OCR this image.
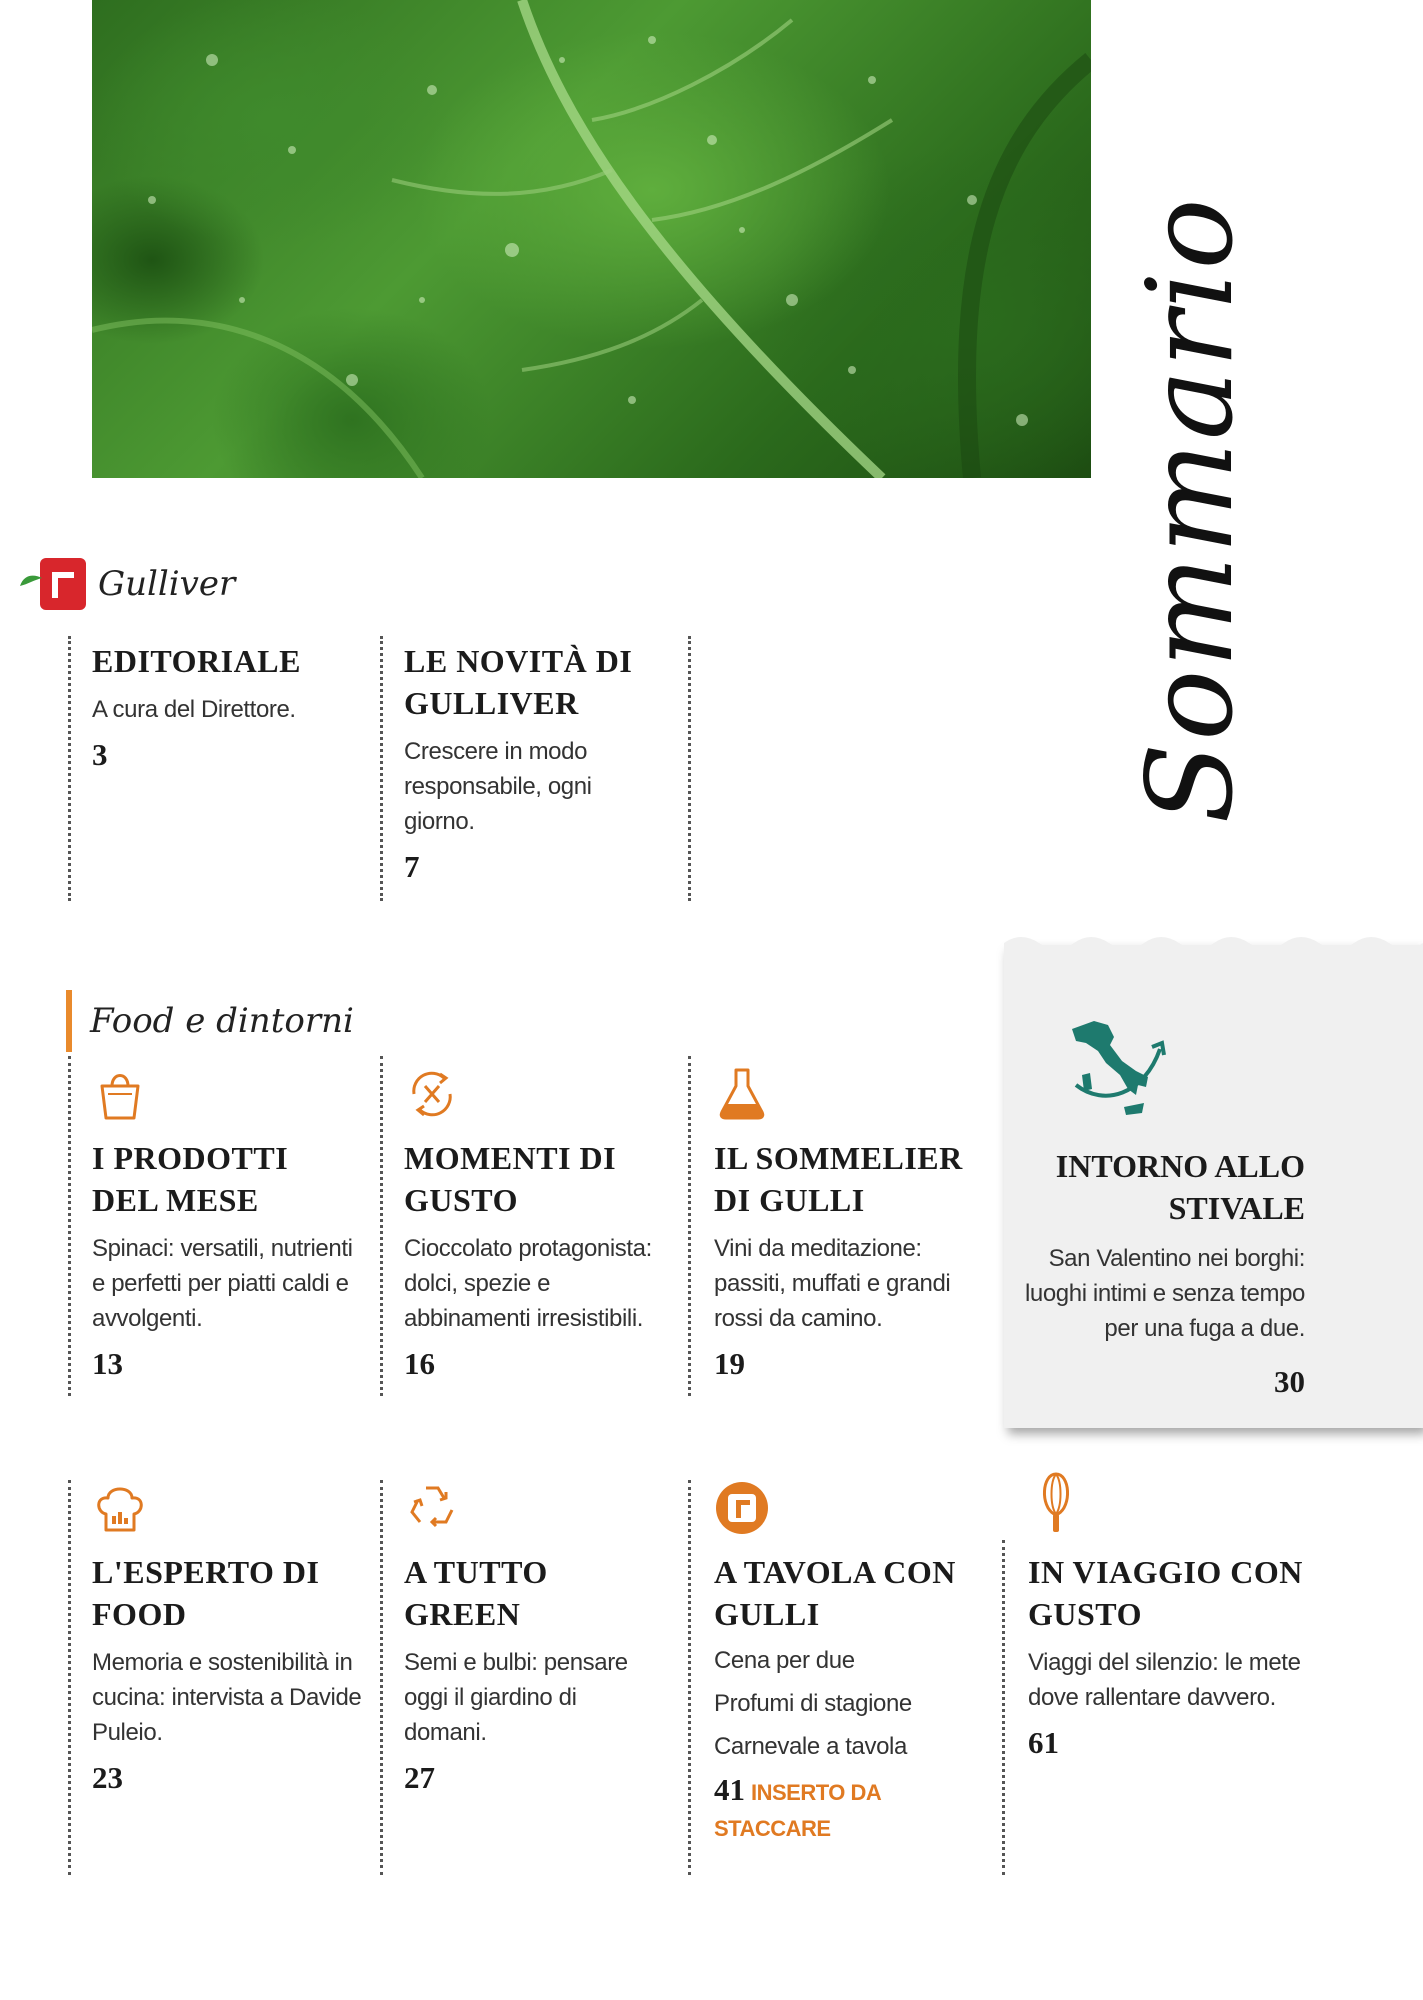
Sommario
Gulliver
EDITORIALE
A cura del Direttore.
3
LE NOVITÀ DI GULLIVER
Crescere in modo responsabile, ogni giorno.
7
Food e dintorni
I PRODOTTI DEL MESE
Spinaci: versatili, nutrienti e perfetti per piatti caldi e avvolgenti.
13
MOMENTI DI GUSTO
Cioccolato protagonista: dolci, spezie e abbinamenti irresistibili.
16
IL SOMMELIER DI GULLI
Vini da meditazione: passiti, muffati e grandi rossi da camino.
19
INTORNO ALLO STIVALE
San Valentino nei borghi: luoghi intimi e senza tempo per una fuga a due.
30
L'ESPERTO DI FOOD
Memoria e sostenibilità in cucina: intervista a Davide Puleio.
23
A TUTTO GREEN
Semi e bulbi: pensare oggi il giardino di domani.
27
A TAVOLA CON GULLI
Cena per due
Profumi di stagione
Carnevale a tavola
41 INSERTO DA STACCARE
IN VIAGGIO CON GUSTO
Viaggi del silenzio: le mete dove rallentare davvero.
61
